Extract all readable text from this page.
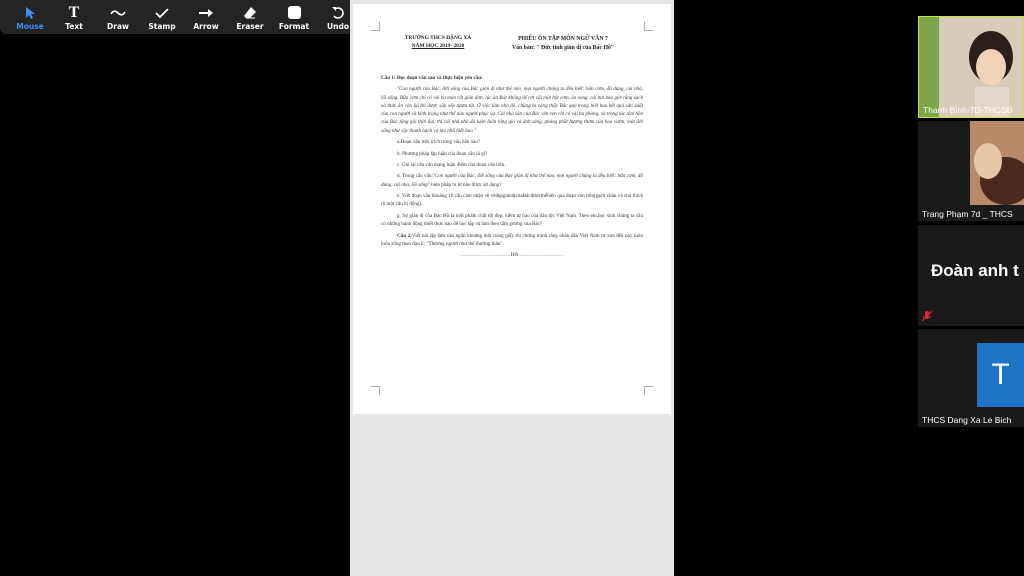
Mouse
T
Text	Draw	Stamp Arrow Eraser Format Undo
TRƯỜNG THCS ĐẶNG XÁ
NĂM HỌC 2019- 2020
PHIẾU ÔN TẬP MÔN NGỮ VĂN 7
Văn bản: " Đức tính giản dị của Bác Hồ"

Câu 1: Đọc đoạn văn sau và thực hiện yêu cầu:

"Con người của Bác, đời sống của Bác giản dị như thế nào, mọi người chúng ta đều biết: bữa cơm, đồ dùng, cái nhà, lối sống. Bữa cơm chỉ có vài ba món rất giản đơn, lúc ăn Bác không để rơi vãi một hột cơm, ăn xong, cái bát bao giờ cũng sạch và thức ăn còn lại thì được sắp xếp tươm tất. Ở việc làm nhỏ đó, chúng ta càng thấy Bác quý trọng biết bao kết quả sản xuất của con người và kính trọng như thế nào người phục vụ. Cái nhà sàn của Bác vẻn vẹn chỉ có vài ba phòng, và trong lúc tâm hồn của Bác lộng gió thời đại, thì cái nhà nhỏ đó luôn luôn lộng gió và ánh sáng, phảng phất hương thơm của hoa vườn, một đời sống như vậy thanh bạch và tao nhã biết bao."

a.Đoạn văn trên trích trong văn bản nào?

b. Phương pháp lập luận của đoạn văn là gì?

c. Ghi lại câu văn mang luận điểm của đoạn văn trên.

d. Trong câu văn:"Con người của Bác, đời sống của Bác giản dị như thế nào, mọi người chúng ta đều biết: bữa cơm, đồ dùng, cái nhà, lối sống" biện pháp tu từ nào được sử dụng?

e. Viết đoạn văn khoảng 10 câu cảm nhận về vẻđẹpgiảndịcủaBácđượcthểhiện qua đoạn văn trên(gạch chân và chú thích rõ một câu bị động).

g. Sự giản dị của Bác Hồ là một phẩm chất tốt đẹp, niềm tự hào của dân tộc Việt Nam. Theo em,học sinh chúng ta cần có những hành động thiết thực nào để học tập và làm theo tấm gương của Bác?

Câu 2:Viết bài tập làm văn ngắn khoảng một trang giấy thi chứng minh rằng nhân dân Việt Nam từ xưa đến nay luôn luôn sống theo đạo lí: "Thương người như thể thương thân".

…………………………Hết………………………

Thanh Bình-7D-THCSĐ
Trang Phạm 7d _ THCS
Đoàn anh t
T
THCS Dang Xa Le Bich
